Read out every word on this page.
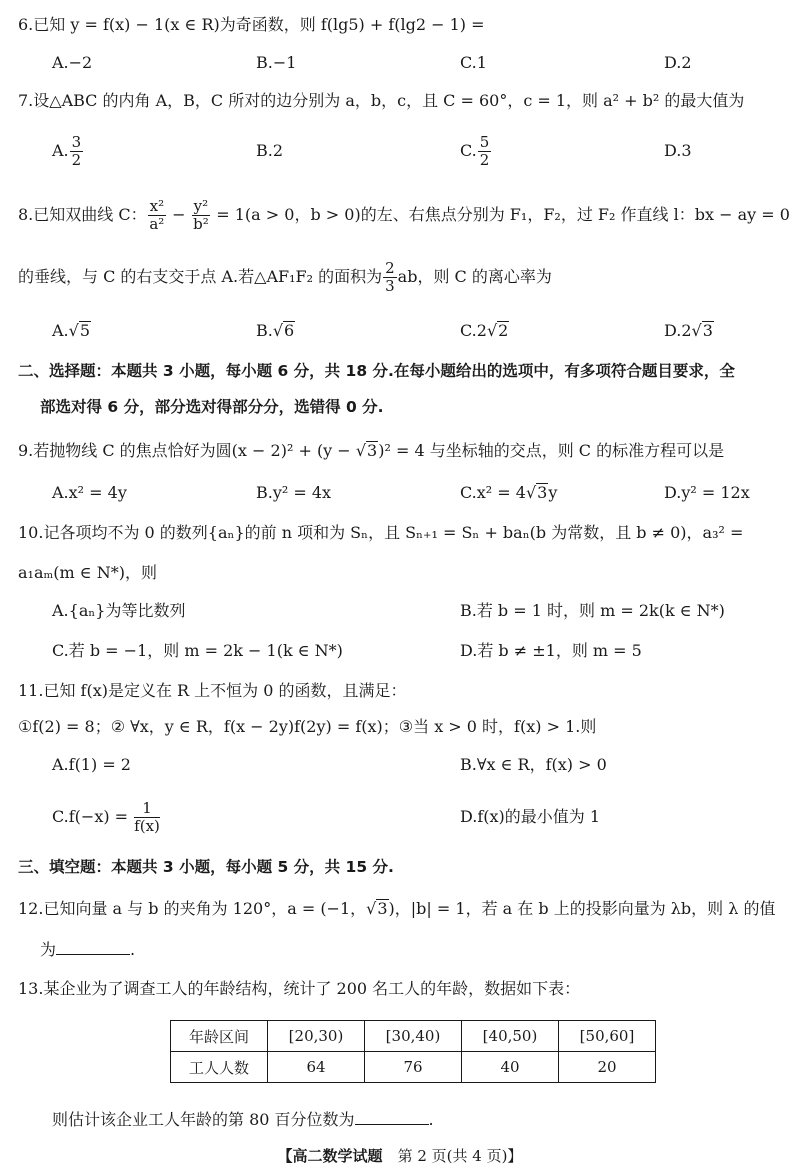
6.已知 y = f(x) − 1(x ∈ R)为奇函数，则 f(lg5) + f(lg2 − 1) =
A.−2	B.−1	C.1	D.2
7.设△ABC 的内角 A，B，C 所对的边分别为 a，b，c，且 C = 60°，c = 1，则 a² + b² 的最大值为
A. $\frac{3}{2}$	B.2	C. $\frac{5}{2}$	D.3
8.已知双曲线 C： $\frac{\text{x²}}{\text{a²}} - \frac{\text{y²}}{\text{b²}} = 1(a > 0$，b > 0)的左、右焦点分别为 F₁，F₂，过 F₂ 作直线 l：bx − ay = 0
的垂线，与 C 的右支交于点 A.若△AF₁F₂ 的面积为 $\frac{2}{3}$ ab，则 C 的离心率为
A.√5	B.√6	C.2√2	D.2√3
二、选择题：本题共 3 小题，每小题 6 分，共 18 分.在每小题给出的选项中，有多项符合题目要求，全
部选对得 6 分，部分选对得部分分，选错得 0 分.
9.若抛物线 C 的焦点恰好为圆(x − 2)² + (y − √3)² = 4 与坐标轴的交点，则 C 的标准方程可以是
A.x² = 4y	B.y² = 4x	C.x² = 4√3y	D.y² = 12x
10.记各项均不为 0 的数列{aₙ}的前 n 项和为 Sₙ，且 Sₙ₊₁ = Sₙ + baₙ(b 为常数，且 b ≠ 0)，a₃² =
a₁aₘ(m ∈ N*)，则
A.{aₙ}为等比数列	B.若 b = 1 时，则 m = 2k(k ∈ N*)
C.若 b = −1，则 m = 2k − 1(k ∈ N*)	D.若 b ≠ ±1，则 m = 5
11.已知 f(x)是定义在 R 上不恒为 0 的函数，且满足：
①f(2) = 8；② ∀x，y ∈ R，f(x − 2y)f(2y) = f(x)；③当 x > 0 时，f(x) > 1.则
A.f(1) = 2	B.∀x ∈ R，f(x) > 0
$C.f(-x) = \frac{1}{f(x)}$	D.f(x)的最小值为 1
三、填空题：本题共 3 小题，每小题 5 分，共 15 分.
12.已知向量 a 与 b 的夹角为 120°，a = (−1，√3)，|b| = 1，若 a 在 b 上的投影向量为 λb，则 λ 的值
为	.
13.某企业为了调查工人的年龄结构，统计了 200 名工人的年龄，数据如下表：
年龄区间	[20,30)	[30,40)	[40,50)	[50,60]
工人人数	64	76	40	20
则估计该企业工人年龄的第 80 百分位数为	.
【高二数学试题　第 2 页(共 4 页)】
